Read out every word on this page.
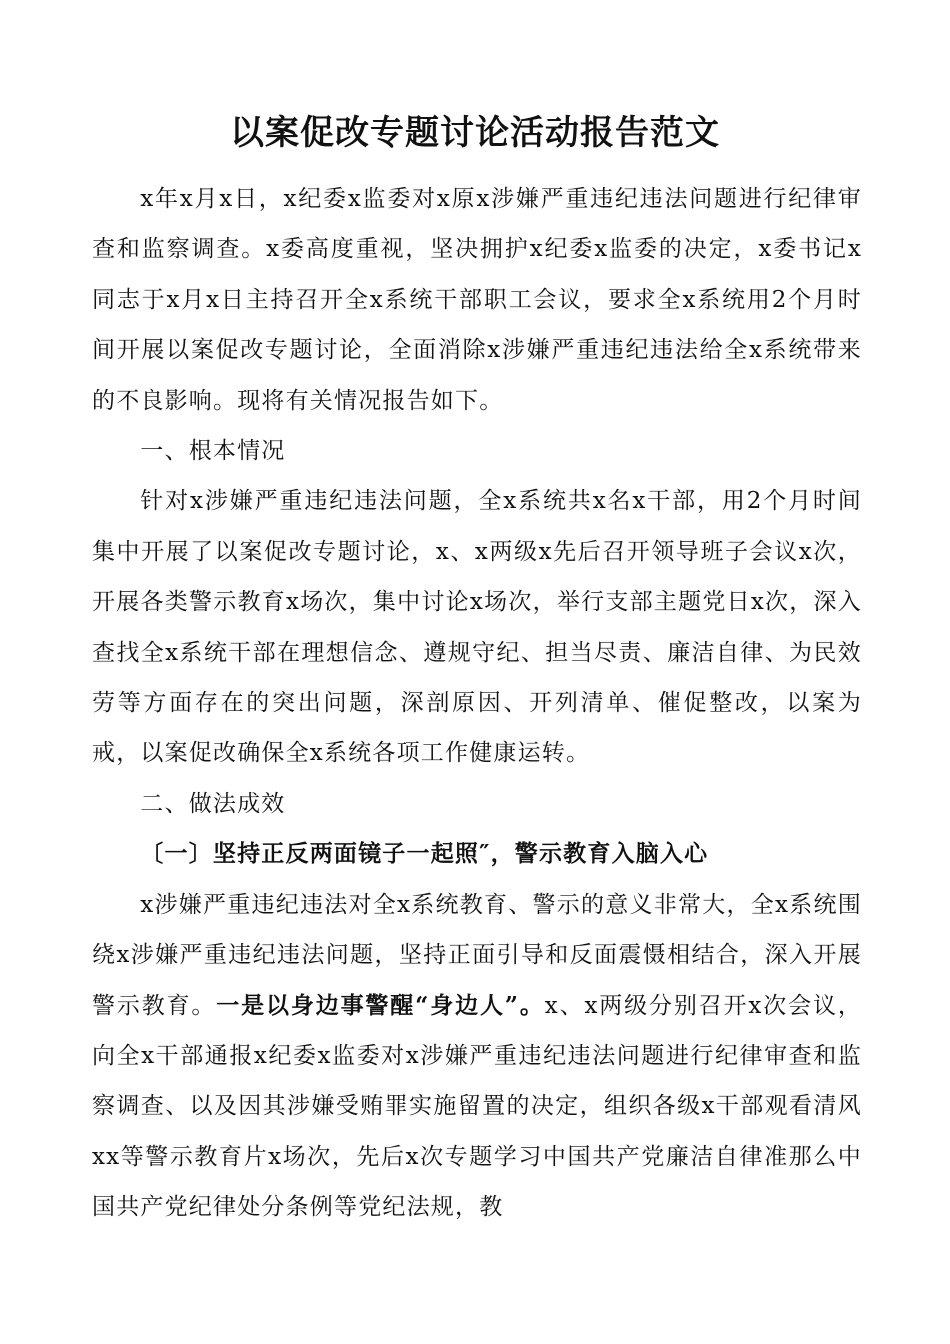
以案促改专题讨论活动报告范文

x年x月x日，x纪委x监委对x原x涉嫌严重违纪违法问题进行纪律审查和监察调查。x委高度重视，坚决拥护x纪委x监委的决定，x委书记x同志于x月x日主持召开全x系统干部职工会议，要求全x系统用2个月时间开展以案促改专题讨论，全面消除x涉嫌严重违纪违法给全x系统带来的不良影响。现将有关情况报告如下。

一、根本情况

针对x涉嫌严重违纪违法问题，全x系统共x名x干部，用2个月时间集中开展了以案促改专题讨论，x、x两级x先后召开领导班子会议x次，开展各类警示教育x场次，集中讨论x场次，举行支部主题党日x次，深入查找全x系统干部在理想信念、遵规守纪、担当尽责、廉洁自律、为民效劳等方面存在的突出问题，深剖原因、开列清单、催促整改，以案为戒，以案促改确保全x系统各项工作健康运转。

二、做法成效

〔一〕坚持正反两面镜子一起照″，警示教育入脑入心

x涉嫌严重违纪违法对全x系统教育、警示的意义非常大，全x系统围绕x涉嫌严重违纪违法问题，坚持正面引导和反面震慑相结合，深入开展警示教育。一是以身边事警醒“身边人”。x、x两级分别召开x次会议，向全x干部通报x纪委x监委对x涉嫌严重违纪违法问题进行纪律审查和监察调查、以及因其涉嫌受贿罪实施留置的决定，组织各级x干部观看清风xx等警示教育片x场次，先后x次专题学习中国共产党廉洁自律准那么中国共产党纪律处分条例等党纪法规，教
